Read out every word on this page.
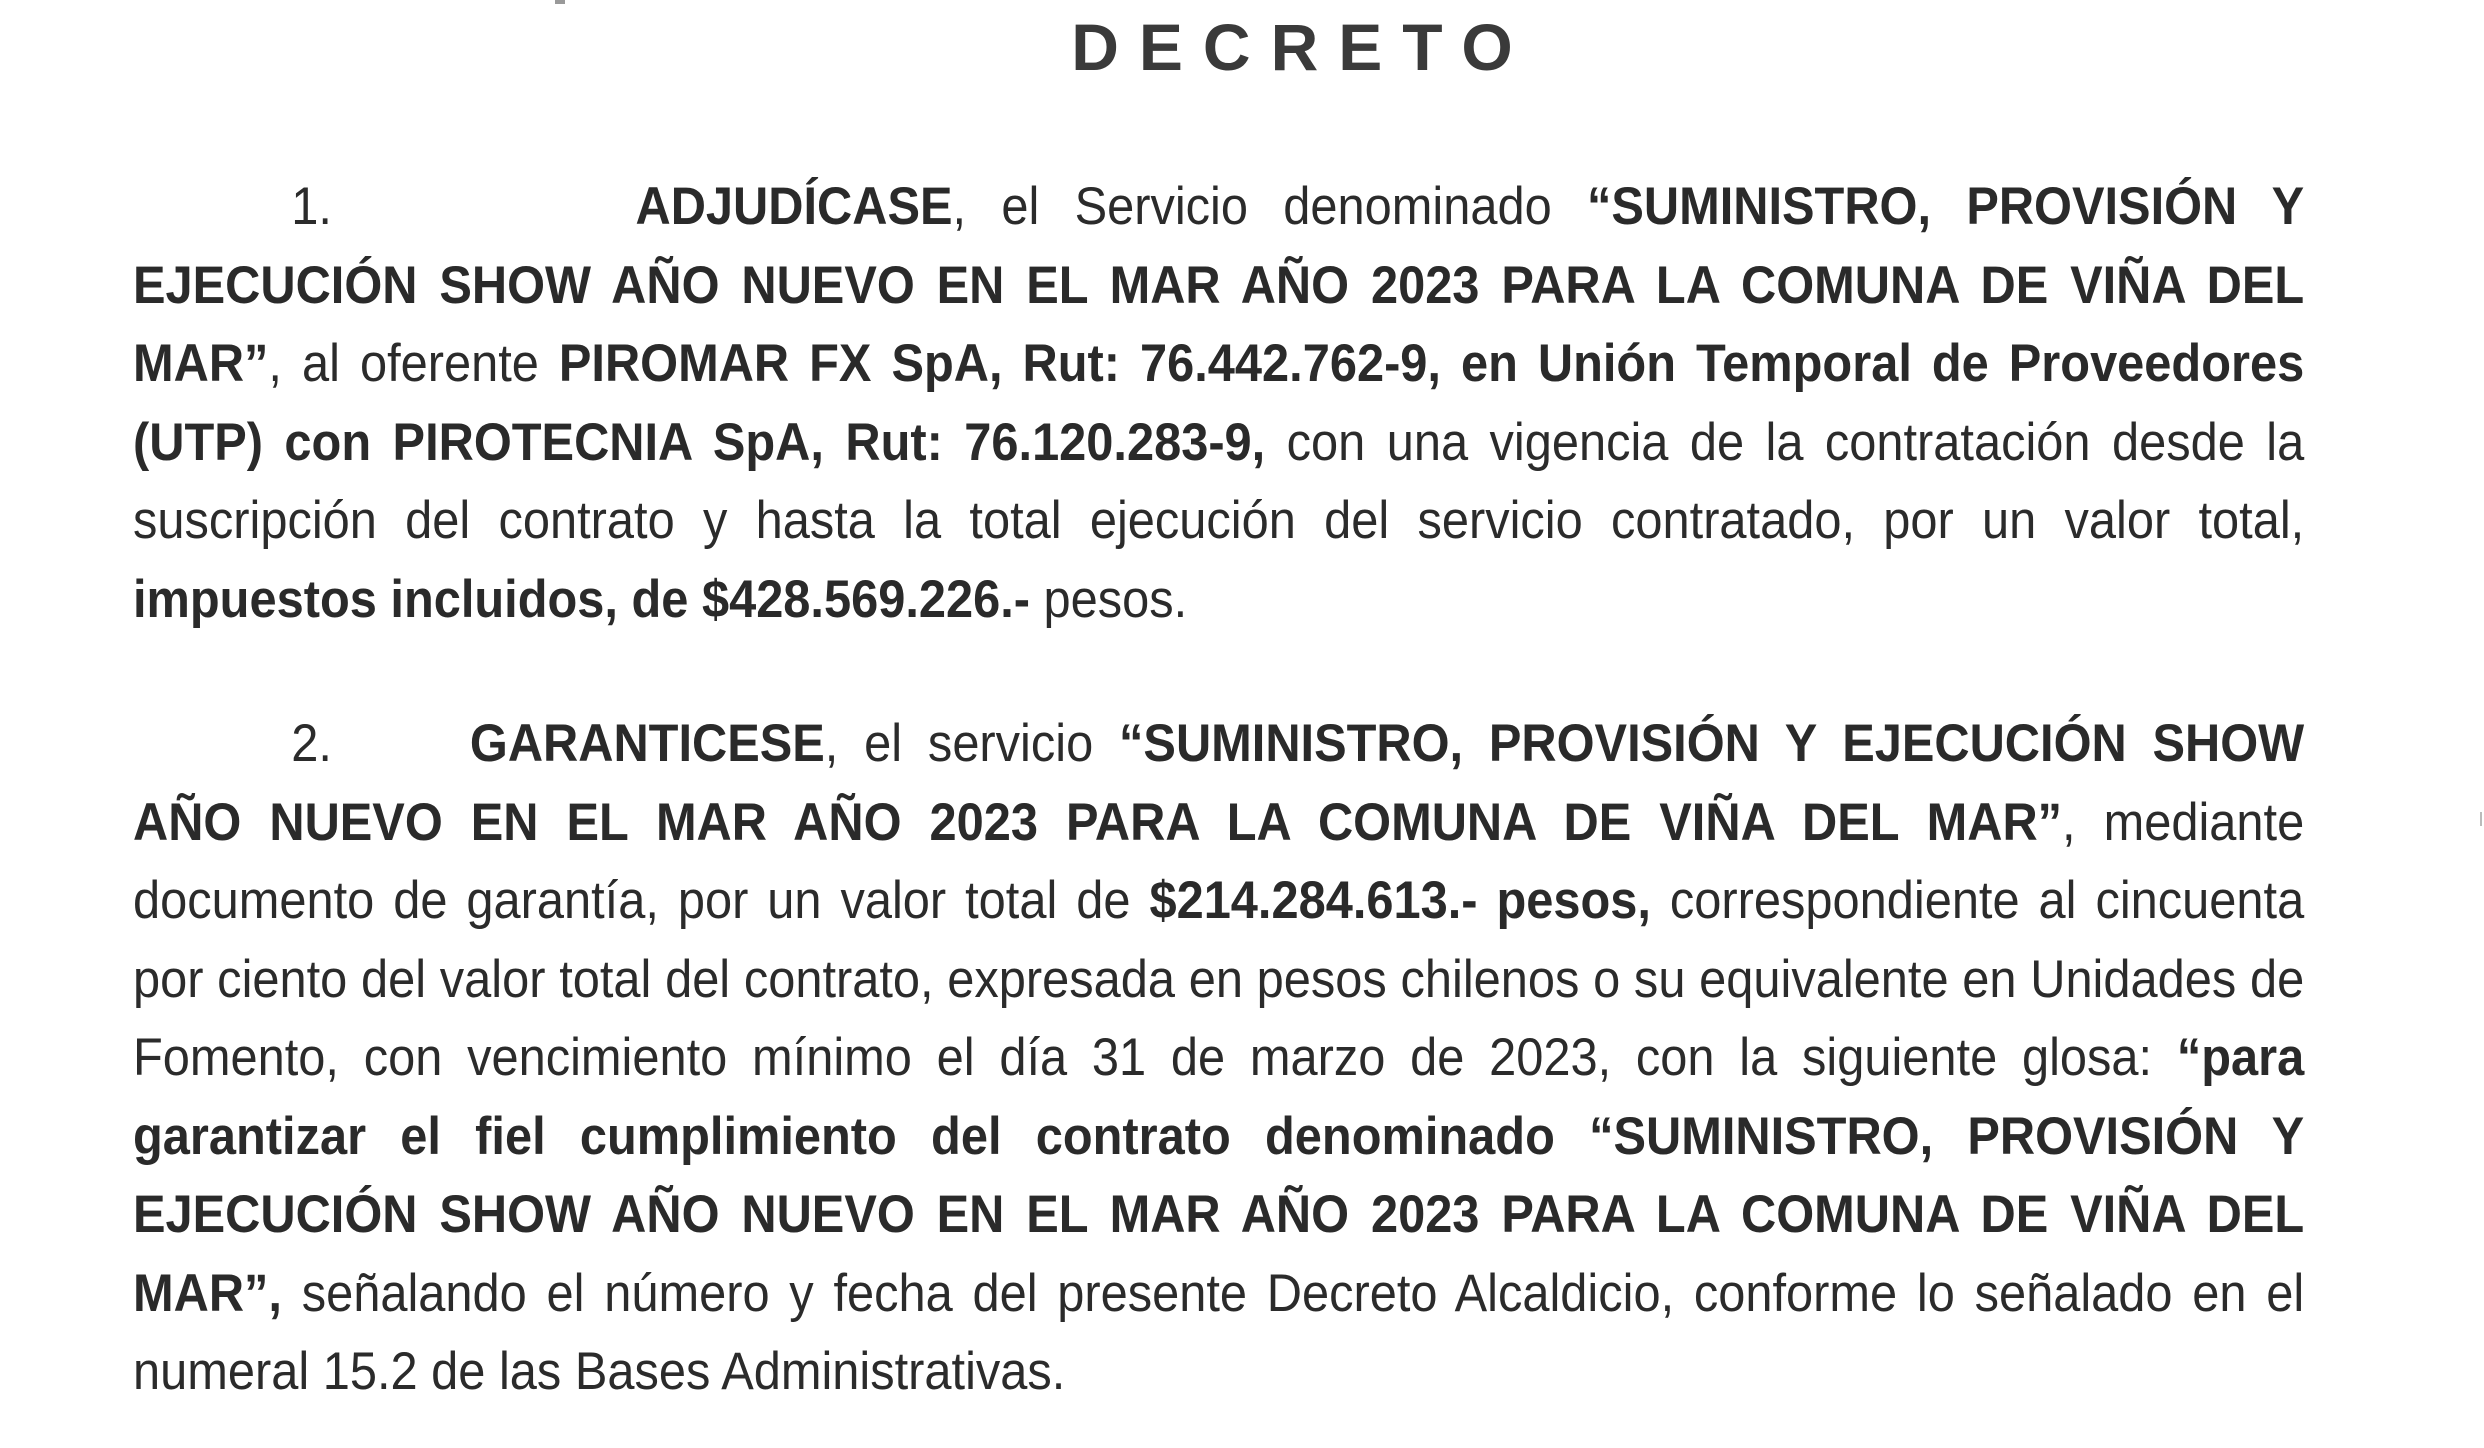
DECRETO
1.	ADJUDÍCASE, el Servicio denominado “SUMINISTRO, PROVISIÓN Y EJECUCIÓN SHOW AÑO NUEVO EN EL MAR AÑO 2023 PARA LA COMUNA DE VIÑA DEL MAR”, al oferente PIROMAR FX SpA, Rut: 76.442.762-9, en Unión Temporal de Proveedores (UTP) con PIROTECNIA SpA, Rut: 76.120.283-9, con una vigencia de la contratación desde la suscripción del contrato y hasta la total ejecución del servicio contratado, por un valor total, impuestos incluidos, de $428.569.226.- pesos.
2.	GARANTICESE, el servicio “SUMINISTRO, PROVISIÓN Y EJECUCIÓN SHOW AÑO NUEVO EN EL MAR AÑO 2023 PARA LA COMUNA DE VIÑA DEL MAR”, mediante documento de garantía, por un valor total de $214.284.613.- pesos, correspondiente al cincuenta por ciento del valor total del contrato, expresada en pesos chilenos o su equivalente en Unidades de Fomento, con vencimiento mínimo el día 31 de marzo de 2023, con la siguiente glosa: “para garantizar el fiel cumplimiento del contrato denominado “SUMINISTRO, PROVISIÓN Y EJECUCIÓN SHOW AÑO NUEVO EN EL MAR AÑO 2023 PARA LA COMUNA DE VIÑA DEL MAR”, señalando el número y fecha del presente Decreto Alcaldicio, conforme lo señalado en el numeral 15.2 de las Bases Administrativas.
